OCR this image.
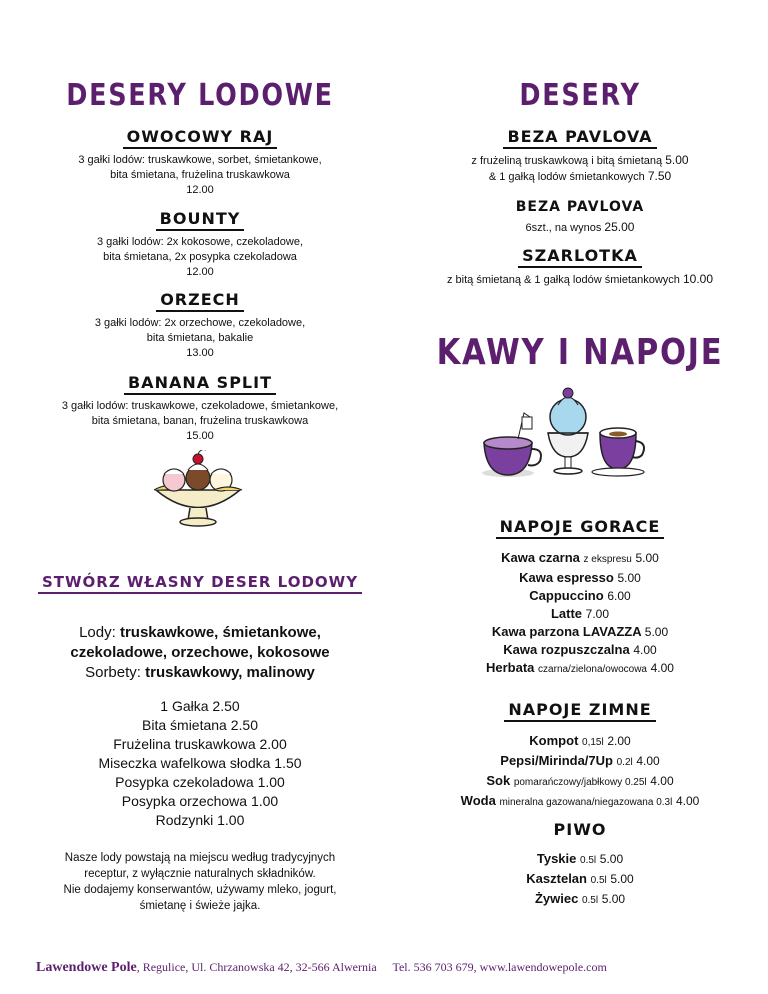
DESERY LODOWE
OWOCOWY RAJ
3 gałki lodów: truskawkowe, sorbet, śmietankowe,
bita śmietana, frużelina truskawkowa
12.00
BOUNTY
3 gałki lodów: 2x kokosowe, czekoladowe,
bita śmietana, 2x posypka czekoladowa
12.00
ORZECH
3 gałki lodów: 2x orzechowe, czekoladowe,
bita śmietana, bakalie
13.00
BANANA SPLIT
3 gałki lodów: truskawkowe, czekoladowe, śmietankowe,
bita śmietana, banan, frużelina truskawkowa
15.00
STWÓRZ WŁASNY DESER LODOWY
Lody: truskawkowe, śmietankowe,
czekoladowe, orzechowe, kokosowe
Sorbety: truskawkowy, malinowy
1 Gałka 2.50
Bita śmietana 2.50
Frużelina truskawkowa 2.00
Miseczka wafelkowa słodka 1.50
Posypka czekoladowa 1.00
Posypka orzechowa 1.00
Rodzynki 1.00
Nasze lody powstają na miejscu według tradycyjnych
receptur, z wyłącznie naturalnych składników.
Nie dodajemy konserwantów, używamy mleko, jogurt,
śmietanę i świeże jajka.
DESERY
BEZA PAVLOVA
z frużeliną truskawkową i bitą śmietaną 5.00
& 1 gałką lodów śmietankowych 7.50
BEZA PAVLOVA
6szt., na wynos 25.00
SZARLOTKA
z bitą śmietaną & 1 gałką lodów śmietankowych 10.00
KAWY I NAPOJE
NAPOJE GORACE
Kawa czarna z ekspresu 5.00
Kawa espresso 5.00
Cappuccino 6.00
Latte 7.00
Kawa parzona LAVAZZA 5.00
Kawa rozpuszczalna 4.00
Herbata czarna/zielona/owocowa 4.00
NAPOJE ZIMNE
Kompot 0,15l 2.00
Pepsi/Mirinda/7Up 0.2l 4.00
Sok pomarańczowy/jabłkowy 0.25l 4.00
Woda mineralna gazowana/niegazowana 0.3l 4.00
PIWO
Tyskie 0.5l 5.00
Kasztelan 0.5l 5.00
Żywiec 0.5l 5.00
Lawendowe Pole, Regulice, Ul. Chrzanowska 42, 32-566 Alwernia Tel. 536 703 679, www.lawendowepole.com
